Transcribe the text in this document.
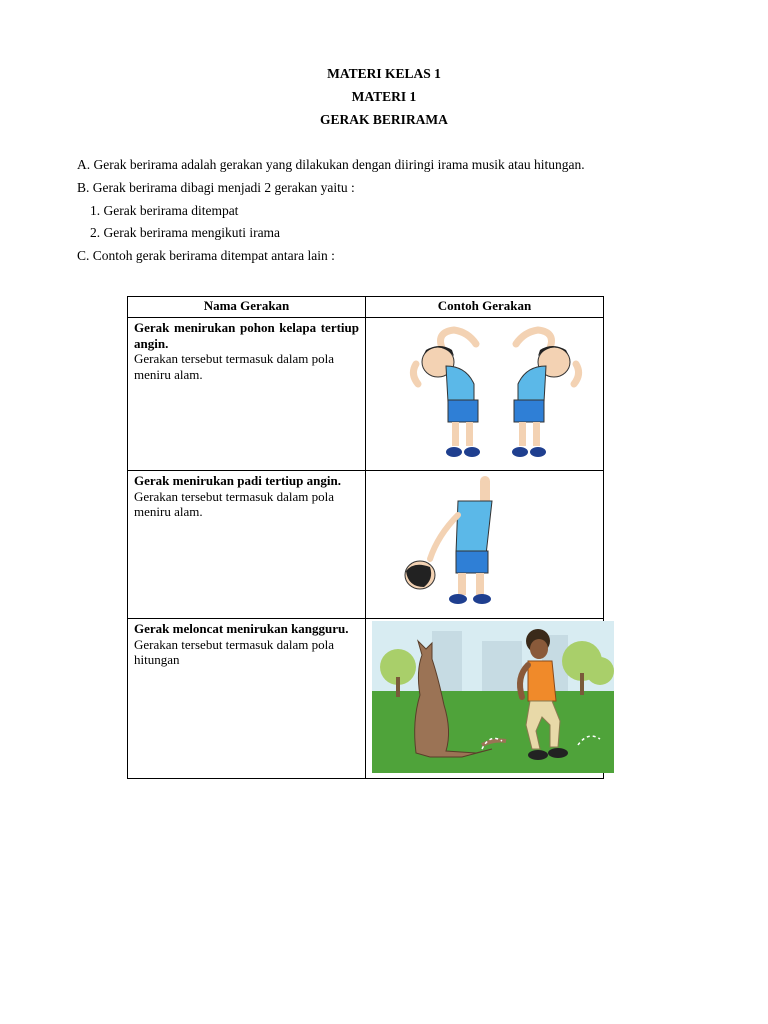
MATERI KELAS 1
MATERI 1
GERAK BERIRAMA
A. Gerak berirama adalah gerakan yang dilakukan dengan diiringi irama musik atau hitungan.
B. Gerak berirama dibagi menjadi 2 gerakan yaitu :
1. Gerak berirama ditempat
2. Gerak berirama mengikuti irama
C. Contoh gerak berirama ditempat antara lain :
Nama Gerakan	Contoh Gerakan

Gerak menirukan pohon kelapa tertiup angin.
Gerakan tersebut termasuk dalam pola meniru alam.

Gerak menirukan padi tertiup angin.
Gerakan tersebut termasuk dalam pola meniru alam.

Gerak meloncat menirukan kangguru.
Gerakan tersebut termasuk dalam pola hitungan
